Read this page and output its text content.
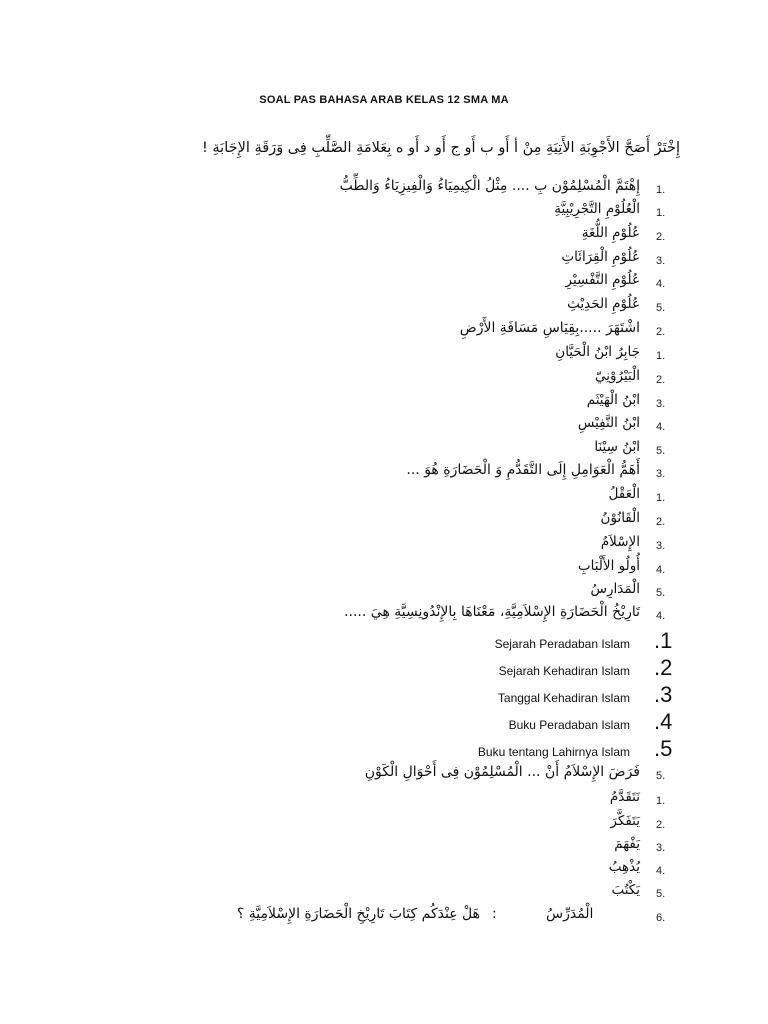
SOAL PAS BAHASA ARAB KELAS 12 SMA MA
إِخْتَرْ أَصَحَّ الأَجْوِبَةِ الأَتِيَةِ مِنْ أ أَو ب أَو ج أَو د أَو ه بِعَلامَةِ الصَّلِّبِ فِى وَرَقَةِ الإِجَابَةِ !
1.
إِهْتَمَّ الْمُسْلِمُوْن بِ .... مِثْلُ الْكِيمِيَاءُ وَالْفِيزِيَاءُ وَالطِّبُّ
1.
الْعُلُوْمِ التَّجْرِيْبِيَّةِ
2.
عُلُوْمِ اللُّغَةِ
3.
عُلُوْمِ الْقِرَائَاتِ
4.
عُلُوْمِ التَّفْسِيْرِ
5.
عُلُوْمِ الحَدِيْثِ
2.
اشْتَهَرَ .....بِقِيَاسِ مَسَافَةِ الأَرْضِ
1.
جَابِرُ ابْنُ الْحَيَّانِ
2.
الْبَيْرُوْنِيّ
3.
ابْنُ الْهَيْثَم
4.
ابْنُ النَّفِيْسِ
5.
ابْنُ سِيْنَا
3.
أَهَمُّ الْعَوَامِلِ إِلَى التَّقَدُّمِ وَ الْحَضَارَةِ هُوَ ...
1.
الْعَقْلُ
2.
الْقَانُوْنُ
3.
الإِسْلاَمُ
4.
أُولُو الأَلْبَابِ
5.
الْمَدَارِسُ
4.
تَارِيْخُ الْحَضَارَةِ الإِسْلاَمِيَّةِ، مَعْنَاهَا بِالإِنْدُونِسِيَّةِ هِيَ .....
.1
Sejarah Peradaban Islam
.2
Sejarah Kehadiran Islam
.3
Tanggal Kehadiran Islam
.4
Buku Peradaban Islam
.5
Buku tentang Lahirnya Islam
5.
فَرَضَ الإِسْلاَمُ أَنْ ... الْمُسْلِمُوْن فِى أَحْوَالِ الْكَوْنِ
1.
نَتَقَدَّمُ
2.
يَتَفَكَّرَ
3.
يَفْهَمَ
4.
يُذْهِبُ
5.
يَكْتُبَ
6.
الْمُدَرِّسُ
:
هَلْ عِنْدَكُم كِتَابَ تَارِيْخِ الْحَضَارَةِ الإِسْلاَمِيَّةِ ؟
